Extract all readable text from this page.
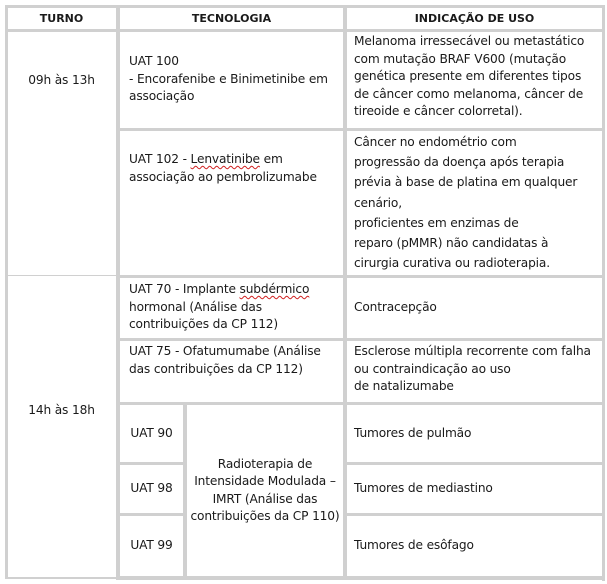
TURNO	TECNOLOGIA	INDICAÇÃO DE USO
09h às 13h
UAT 100
- Encorafenibe e Binimetinibe em
associação
Melanoma irressecável ou metastático
com mutação BRAF V600 (mutação
genética presente em diferentes tipos
de câncer como melanoma, câncer de
tireoide e câncer colorretal).
UAT 102 - Lenvatinibe em
associação ao pembrolizumabe
Câncer no endométrio com
progressão da doença após terapia
prévia à base de platina em qualquer
cenário,
proficientes em enzimas de
reparo (pMMR) não candidatas à
cirurgia curativa ou radioterapia.
14h às 18h
UAT 70 - Implante subdérmico
hormonal (Análise das
contribuições da CP 112)
Contracepção
UAT 75 - Ofatumumabe (Análise
das contribuições da CP 112)
Esclerose múltipla recorrente com falha
ou contraindicação ao uso
de natalizumabe
UAT 90
UAT 98
UAT 99
Radioterapia de
Intensidade Modulada –
IMRT (Análise das
contribuições da CP 110)
Tumores de pulmão
Tumores de mediastino
Tumores de esôfago
